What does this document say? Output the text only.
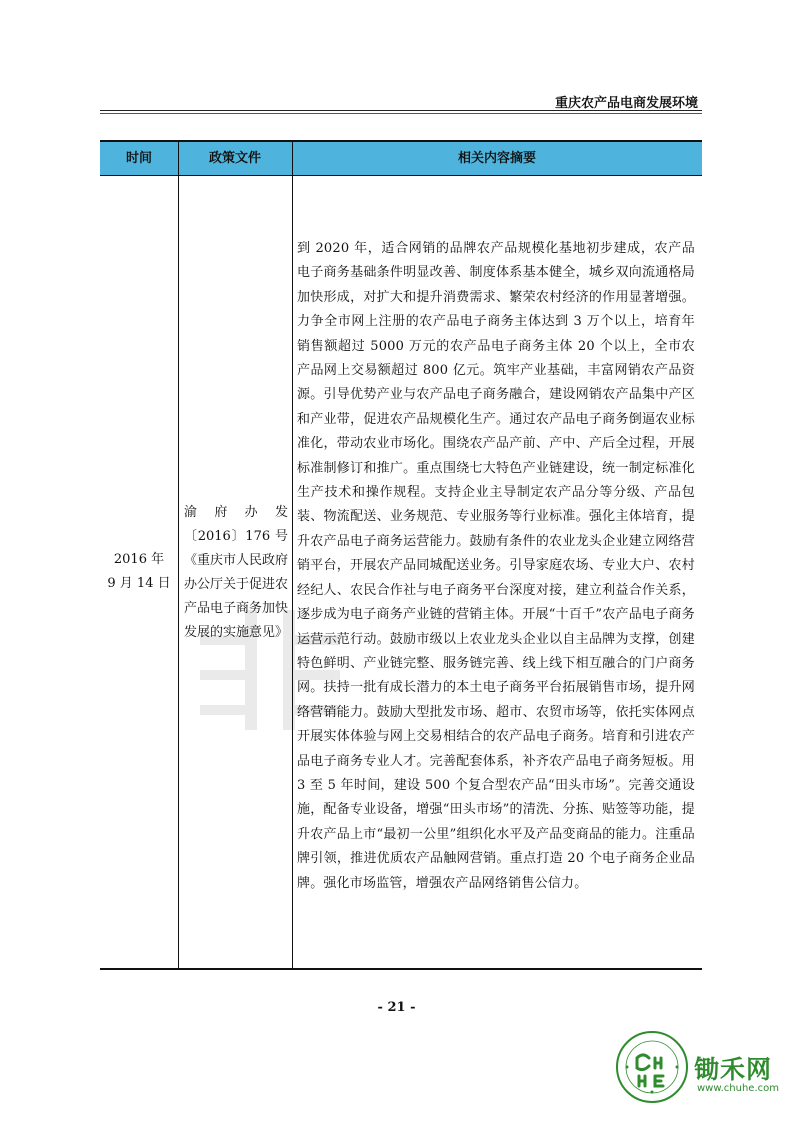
重庆农产品电商发展环境
时间	政策文件	相关内容摘要
2016 年
9 月 14 日
渝府办发〔2016〕176 号《重庆市人民政府办公厅关于促进农产品电子商务加快发展的实施意见》
到 2020 年，适合网销的品牌农产品规模化基地初步建成，农产品电子商务基础条件明显改善、制度体系基本健全，城乡双向流通格局加快形成，对扩大和提升消费需求、繁荣农村经济的作用显著增强。力争全市网上注册的农产品电子商务主体达到 3 万个以上，培育年销售额超过 5000 万元的农产品电子商务主体 20 个以上，全市农产品网上交易额超过 800 亿元。筑牢产业基础，丰富网销农产品资源。引导优势产业与农产品电子商务融合，建设网销农产品集中产区和产业带，促进农产品规模化生产。通过农产品电子商务倒逼农业标准化，带动农业市场化。围绕农产品产前、产中、产后全过程，开展标准制修订和推广。重点围绕七大特色产业链建设，统一制定标准化生产技术和操作规程。支持企业主导制定农产品分等分级、产品包装、物流配送、业务规范、专业服务等行业标准。强化主体培育，提升农产品电子商务运营能力。鼓励有条件的农业龙头企业建立网络营销平台，开展农产品同城配送业务。引导家庭农场、专业大户、农村经纪人、农民合作社与电子商务平台深度对接，建立利益合作关系，逐步成为电子商务产业链的营销主体。开展“十百千”农产品电子商务运营示范行动。鼓励市级以上农业龙头企业以自主品牌为支撑，创建特色鲜明、产业链完整、服务链完善、线上线下相互融合的门户商务网。扶持一批有成长潜力的本土电子商务平台拓展销售市场，提升网络营销能力。鼓励大型批发市场、超市、农贸市场等，依托实体网点开展实体体验与网上交易相结合的农产品电子商务。培育和引进农产品电子商务专业人才。完善配套体系，补齐农产品电子商务短板。用 3 至 5 年时间，建设 500 个复合型农产品“田头市场”。完善交通设施，配备专业设备，增强“田头市场”的清洗、分拣、贴签等功能，提升农产品上市“最初一公里”组织化水平及产品变商品的能力。注重品牌引领，推进优质农产品触网营销。重点打造 20 个电子商务企业品牌。强化市场监管，增强农产品网络销售公信力。
- 21 -
锄禾网
www.chuhe.com
